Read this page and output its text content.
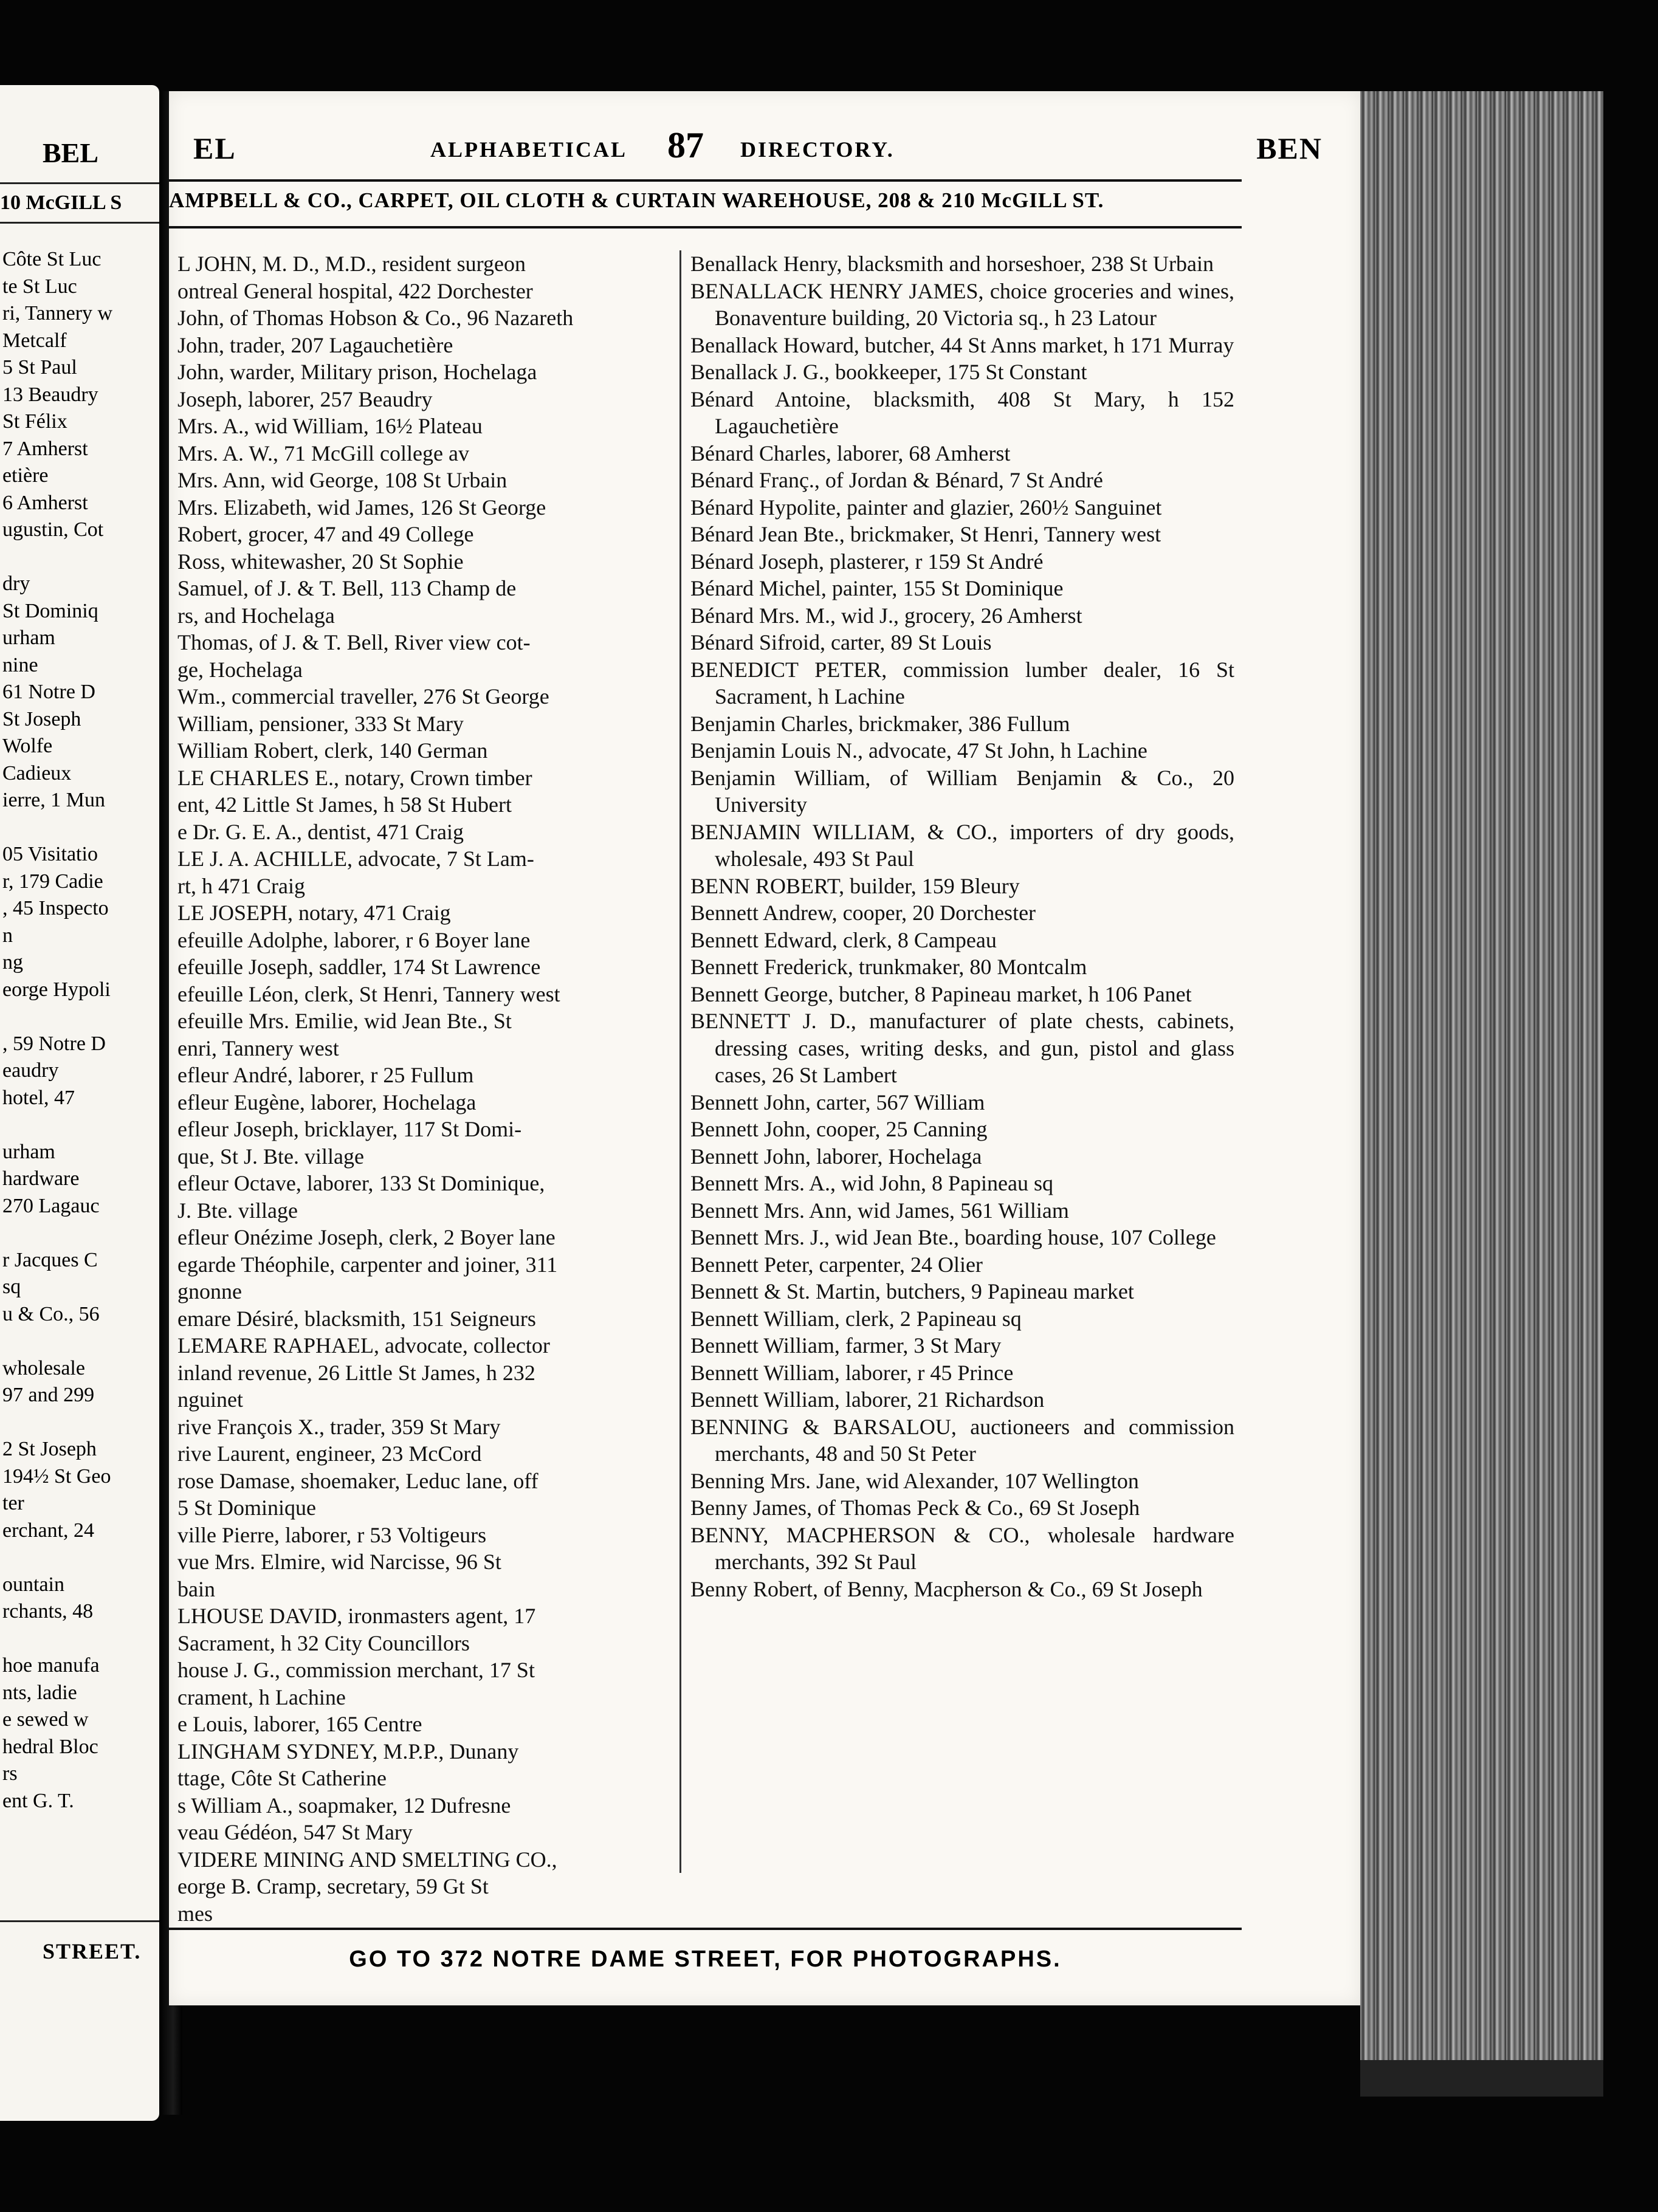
BEL
10 McGILL S
Côte St Luc
te St Luc
ri, Tannery w
Metcalf
5 St Paul
13 Beaudry
St Félix
7 Amherst
etière
6 Amherst
ugustin, Cot

dry
St Dominiq
urham
nine
61 Notre D
St Joseph
Wolfe
Cadieux
ierre, 1 Mun

05 Visitatio
r, 179 Cadie
, 45 Inspecto
n
ng
eorge Hypoli

, 59 Notre D
eaudry
hotel, 47

urham
hardware
270 Lagauc

r Jacques C
sq
u & Co., 56

wholesale
97 and 299

2 St Joseph
194½ St Geo
ter
erchant, 24

ountain
rchants, 48

hoe manufa
nts, ladie
e sewed w
hedral Bloc
rs
ent G. T.
STREET.
EL	ALPHABETICAL 87 DIRECTORY.	BEN
AMPBELL & CO., CARPET, OIL CLOTH & CURTAIN WAREHOUSE, 208 & 210 McGILL ST.
L JOHN, M. D., M.D., resident surgeon
ontreal General hospital, 422 Dorchester
John, of Thomas Hobson & Co., 96 Nazareth
John, trader, 207 Lagauchetière
John, warder, Military prison, Hochelaga
Joseph, laborer, 257 Beaudry
Mrs. A., wid William, 16½ Plateau
Mrs. A. W., 71 McGill college av
Mrs. Ann, wid George, 108 St Urbain
Mrs. Elizabeth, wid James, 126 St George
Robert, grocer, 47 and 49 College
Ross, whitewasher, 20 St Sophie
Samuel, of J. & T. Bell, 113 Champ de
rs, and Hochelaga
Thomas, of J. & T. Bell, River view cot-
ge, Hochelaga
Wm., commercial traveller, 276 St George
William, pensioner, 333 St Mary
William Robert, clerk, 140 German
LE CHARLES E., notary, Crown timber
ent, 42 Little St James, h 58 St Hubert
e Dr. G. E. A., dentist, 471 Craig
LE J. A. ACHILLE, advocate, 7 St Lam-
rt, h 471 Craig
LE JOSEPH, notary, 471 Craig
efeuille Adolphe, laborer, r 6 Boyer lane
efeuille Joseph, saddler, 174 St Lawrence
efeuille Léon, clerk, St Henri, Tannery west
efeuille Mrs. Emilie, wid Jean Bte., St
enri, Tannery west
efleur André, laborer, r 25 Fullum
efleur Eugène, laborer, Hochelaga
efleur Joseph, bricklayer, 117 St Domi-
que, St J. Bte. village
efleur Octave, laborer, 133 St Dominique,
J. Bte. village
efleur Onézime Joseph, clerk, 2 Boyer lane
egarde Théophile, carpenter and joiner, 311
gnonne
emare Désiré, blacksmith, 151 Seigneurs
LEMARE RAPHAEL, advocate, collector
inland revenue, 26 Little St James, h 232
nguinet
rive François X., trader, 359 St Mary
rive Laurent, engineer, 23 McCord
rose Damase, shoemaker, Leduc lane, off
5 St Dominique
ville Pierre, laborer, r 53 Voltigeurs
vue Mrs. Elmire, wid Narcisse, 96 St
bain
LHOUSE DAVID, ironmasters agent, 17
Sacrament, h 32 City Councillors
house J. G., commission merchant, 17 St
crament, h Lachine
e Louis, laborer, 165 Centre
LINGHAM SYDNEY, M.P.P., Dunany
ttage, Côte St Catherine
s William A., soapmaker, 12 Dufresne
veau Gédéon, 547 St Mary
VIDERE MINING AND SMELTING CO.,
eorge B. Cramp, secretary, 59 Gt St
mes
Benallack Henry, blacksmith and horseshoer, 238 St Urbain
BENALLACK HENRY JAMES, choice groceries and wines, Bonaventure building, 20 Victoria sq., h 23 Latour
Benallack Howard, butcher, 44 St Anns market, h 171 Murray
Benallack J. G., bookkeeper, 175 St Constant
Bénard Antoine, blacksmith, 408 St Mary, h 152 Lagauchetière
Bénard Charles, laborer, 68 Amherst
Bénard Franç., of Jordan & Bénard, 7 St André
Bénard Hypolite, painter and glazier, 260½ Sanguinet
Bénard Jean Bte., brickmaker, St Henri, Tannery west
Bénard Joseph, plasterer, r 159 St André
Bénard Michel, painter, 155 St Dominique
Bénard Mrs. M., wid J., grocery, 26 Amherst
Bénard Sifroid, carter, 89 St Louis
BENEDICT PETER, commission lumber dealer, 16 St Sacrament, h Lachine
Benjamin Charles, brickmaker, 386 Fullum
Benjamin Louis N., advocate, 47 St John, h Lachine
Benjamin William, of William Benjamin & Co., 20 University
BENJAMIN WILLIAM, & CO., importers of dry goods, wholesale, 493 St Paul
BENN ROBERT, builder, 159 Bleury
Bennett Andrew, cooper, 20 Dorchester
Bennett Edward, clerk, 8 Campeau
Bennett Frederick, trunkmaker, 80 Montcalm
Bennett George, butcher, 8 Papineau market, h 106 Panet
BENNETT J. D., manufacturer of plate chests, cabinets, dressing cases, writing desks, and gun, pistol and glass cases, 26 St Lambert
Bennett John, carter, 567 William
Bennett John, cooper, 25 Canning
Bennett John, laborer, Hochelaga
Bennett Mrs. A., wid John, 8 Papineau sq
Bennett Mrs. Ann, wid James, 561 William
Bennett Mrs. J., wid Jean Bte., boarding house, 107 College
Bennett Peter, carpenter, 24 Olier
Bennett & St. Martin, butchers, 9 Papineau market
Bennett William, clerk, 2 Papineau sq
Bennett William, farmer, 3 St Mary
Bennett William, laborer, r 45 Prince
Bennett William, laborer, 21 Richardson
BENNING & BARSALOU, auctioneers and commission merchants, 48 and 50 St Peter
Benning Mrs. Jane, wid Alexander, 107 Wellington
Benny James, of Thomas Peck & Co., 69 St Joseph
BENNY, MACPHERSON & CO., wholesale hardware merchants, 392 St Paul
Benny Robert, of Benny, Macpherson & Co., 69 St Joseph
GO TO 372 NOTRE DAME STREET, FOR PHOTOGRAPHS.
